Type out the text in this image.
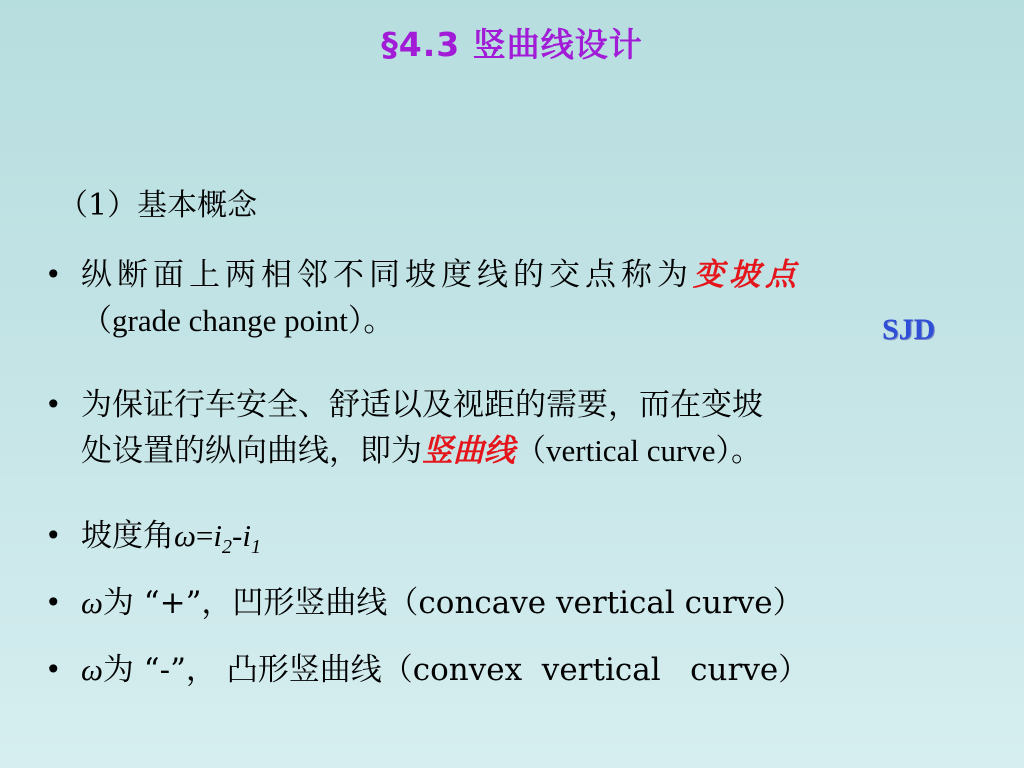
§4.3 竖曲线设计
（1）基本概念
• 纵断面上两相邻不同坡度线的交点称为变坡点
（grade change point）。	SJD
• 为保证行车安全、舒适以及视距的需要，而在变坡
处设置的纵向曲线，即为竖曲线（vertical curve）。
• 坡度角$\omega=i_2-i_1$
• ω为 “+”，凹形竖曲线（concave vertical curve）
• ω为 “-”， 凸形竖曲线（convex  vertical   curve）
